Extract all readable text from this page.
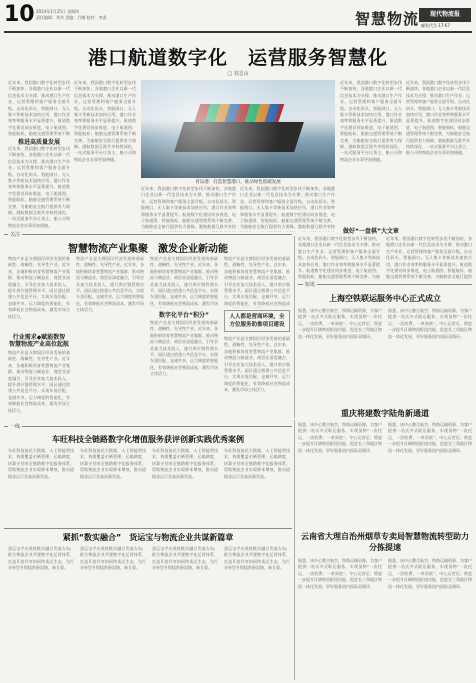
10 2024年1月25日 星期四
责任编辑：刘舟 美编：吕娜 校对：李睿	智慧物流	现代物流报
邮发代号 17-67
港口航道数字化　运营服务智慧化
□ 刘志山
近年来，我国港口数字化转型步伐不断加快，各地港口企业以新一代信息技术为支撑，推动港口生产作业、运营管理和客户服务全面升级。自动化码头、智能闸口、无人集卡等新技术加快应用，港口作业效率和服务水平显著提升。航道数字化建设同步推进，电子航道图、智能航标、船舶交通管理系统不断
推进高质量发展
近年来，我国港口数字化转型步伐不断加快，各地港口企业以新一代信息技术为支撑，推动港口生产作业、运营管理和客户服务全面升级。自动化码头、智能闸口、无人集卡等新技术加快应用，港口作业效率和服务水平显著提升。航道数字化建设同步推进，电子航道图、智能航标、船舶交通管理系统不断完善，为船舶安全航行提供有力保障。港航数据互联共享持续深化，一站式服务平台让货主、船公司和物流企业办事更加便捷。
近年来，我国港口数字化转型步伐不断加快，各地港口企业以新一代信息技术为支撑，推动港口生产作业、运营管理和客户服务全面升级。自动化码头、智能闸口、无人集卡等新技术加快应用，港口作业效率和服务水平显著提升。航道数字化建设同步推进，电子航道图、智能航标、船舶交通管理系统不断完善，为船舶安全航行提供有力保障。港航数据互联共享持续深化，一站式服务平台让货主、船公司和物流企业办事更加便捷。
青岛港：打造智慧港口，推动绿色低碳发展
近年来，我国港口数字化转型步伐不断加快，各地港口企业以新一代信息技术为支撑，推动港口生产作业、运营管理和客户服务全面升级。自动化码头、智能闸口、无人集卡等新技术加快应用，港口作业效率和服务水平显著提升。航道数字化建设同步推进，电子航道图、智能航标、船舶交通管理系统不断完善，为船舶安全航行提供有力保障。港航数据互联共享持
近年来，我国港口数字化转型步伐不断加快，各地港口企业以新一代信息技术为支撑，推动港口生产作业、运营管理和客户服务全面升级。自动化码头、智能闸口、无人集卡等新技术加快应用，港口作业效率和服务水平显著提升。航道数字化建设同步推进，电子航道图、智能航标、船舶交通管理系统不断完善，为船舶安全航行提供有力保障。港航数据互联共享持
近年来，我国港口数字化转型步伐不断加快，各地港口企业以新一代信息技术为支撑，推动港口生产作业、运营管理和客户服务全面升级。自动化码头、智能闸口、无人集卡等新技术加快应用，港口作业效率和服务水平显著提升。航道数字化建设同步推进，电子航道图、智能航标、船舶交通管理系统不断完善，为船舶安全航行提供有力保障。港航数据互联共享持续深化，一站式服务平台让货主、船公司和物流企业办事更加便捷。
做好“一盘棋”大文章
近年来，我国港口数字化转型步伐不断加快，各地港口企业以新一代信息技术为支撑，推动港口生产作业、运营管理和客户服务全面升级。自动化码头、智能闸口、无人集卡等新技术加快应用，港口作业效率和服务水平显著提升。航道数字化建设同步推进，电子航道图、智能航标、船舶交通管理系统不断完善，为船舶安全航行提供有力保障。港航数据互联共享持续深化，一站式服务平台让货主、船公司和物流企业办事更加便捷。
关注
智慧物流产业集聚　激发企业新动能
物流产业是支撑国民经济发展的基础性、战略性、先导性产业。近年来，各地积极培育智慧物流产业集群，推动物流与制造业、商贸业深度融合，引导企业加大技术投入，提升供应链管理水平。园区通过搭建公共信息平台，实现车货匹配、仓储共享、运力调度的智能化，有效降低社会物流成本，激发市场主体活力。
行业需求◆赋能数智
智慧物流产业高位起航
物流产业是支撑国民经济发展的基础性、战略性、先导性产业。近年来，各地积极培育智慧物流产业集群，推动物流与制造业、商贸业深度融合，引导企业加大技术投入，提升供应链管理水平。园区通过搭建公共信息平台，实现车货匹配、仓储共享、运力调度的智能化，有效降低社会物流成本，激发市场主体活力。
物流产业是支撑国民经济发展的基础性、战略性、先导性产业。近年来，各地积极培育智慧物流产业集群，推动物流与制造业、商贸业深度融合，引导企业加大技术投入，提升供应链管理水平。园区通过搭建公共信息平台，实现车货匹配、仓储共享、运力调度的智能化，有效降低社会物流成本，激发市场主体活力。
物流产业是支撑国民经济发展的基础性、战略性、先导性产业。近年来，各地积极培育智慧物流产业集群，推动物流与制造业、商贸业深度融合，引导企业加大技术投入，提升供应链管理水平。园区通过搭建公共信息平台，实现车货匹配、仓储共享、运力调度的智能化，有效降低社会物流成本，激发市场
数字化平台“积分”
物流产业是支撑国民经济发展的基础性、战略性、先导性产业。近年来，各地积极培育智慧物流产业集群，推动物流与制造业、商贸业深度融合，引导企业加大技术投入，提升供应链管理水平。园区通过搭建公共信息平台，实现车货匹配、仓储共享、运力调度的智能化，有效降低社会物流成本，激发市场主体活力。
物流产业是支撑国民经济发展的基础性、战略性、先导性产业。近年来，各地积极培育智慧物流产业集群，推动物流与制造业、商贸业深度融合，引导企业加大技术投入，提升供应链管理水平。园区通过搭建公共信息平台，实现车货匹配、仓储共享、运力调度的智能化，有效降低社会物流成
人人都是营商环境，全方位服务助推项目建设
物流产业是支撑国民经济发展的基础性、战略性、先导性产业。近年来，各地积极培育智慧物流产业集群，推动物流与制造业、商贸业深度融合，引导企业加大技术投入，提升供应链管理水平。园区通过搭建公共信息平台，实现车货匹配、仓储共享、运力调度的智能化，有效降低社会物流成本，激发市场主体活力。
短讯
近年来，我国港口数字化转型步伐不断加快，各地港口企业以新一代信息技术为支撑，推动港口生产作业、运营管理和客户服务全面升级。自动化码头、智能闸口、无人集卡等新技术加快应用，港口作业效率和服务水平显著提升。航道数字化建设同步推进，电子航道图、智能航标、船舶交通管理系统不断完善，为船
近年来，我国港口数字化转型步伐不断加快，各地港口企业以新一代信息技术为支撑，推动港口生产作业、运营管理和客户服务全面升级。自动化码头、智能闸口、无人集卡等新技术加快应用，港口作业效率和服务水平显著提升。航道数字化建设同步推进，电子航道图、智能航标、船舶交通管理系统不断完善，为船舶安全航行提供
上海空铁联运服务中心正式成立
据悉，该中心整合航空、铁路运输资源，为客户提供一站式多式联运服务，实现货物“一次托运、一次收费、一单到底”。中心运营后，将进一步提升区域物流枢纽功能，促进长三角地区物流一体化发展，更好服务国内国际双循环。
据悉，该中心整合航空、铁路运输资源，为客户提供一站式多式联运服务，实现货物“一次托运、一次收费、一单到底”。中心运营后，将进一步提升区域物流枢纽功能，促进长三角地区物流一体化发展，更好服务国内国际双循环。
重庆将建数字陆角新通道
据悉，该中心整合航空、铁路运输资源，为客户提供一站式多式联运服务，实现货物“一次托运、一次收费、一单到底”。中心运营后，将进一步提升区域物流枢纽功能，促进长三角地区物流一体化发展，更好服务国内国际双循环。
据悉，该中心整合航空、铁路运输资源，为客户提供一站式多式联运服务，实现货物“一次托运、一次收费、一单到底”。中心运营后，将进一步提升区域物流枢纽功能，促进长三角地区物流一体化发展，更好服务国内国际双循环。
云南省大理自治州烟草专卖局智慧物流转型助力分拣提速
据悉，该中心整合航空、铁路运输资源，为客户提供一站式多式联运服务，实现货物“一次托运、一次收费、一单到底”。中心运营后，将进一步提升区域物流枢纽功能，促进长三角地区物流一体化发展，更好服务国内国际双循环。
据悉，该中心整合航空、铁路运输资源，为客户提供一站式多式联运服务，实现货物“一次托运、一次收费、一单到底”。中心运营后，将进一步提升区域物流枢纽功能，促进长三角地区物流一体化发展，更好服务国内国际双循环。
一线
车旺科技全链路数字化增值服务获评创新实践优秀案例
车旺科技依托大数据、人工智能等技术，构建覆盖车辆管理、运输调度、结算支付的全链路数字化服务体系，帮助物流企业实现降本增效，推动道路货运行业高质量发展。
车旺科技依托大数据、人工智能等技术，构建覆盖车辆管理、运输调度、结算支付的全链路数字化服务体系，帮助物流企业实现降本增效，推动道路货运行业高质量发展。
车旺科技依托大数据、人工智能等技术，构建覆盖车辆管理、运输调度、结算支付的全链路数字化服务体系，帮助物流企业实现降本增效，推动道路货运行业高质量发展。
车旺科技依托大数据、人工智能等技术，构建覆盖车辆管理、运输调度、结算支付的全链路数字化服务体系，帮助物流企业实现降本增效，推动道路货运行业高质量发展。
紧抓“数实融合”　货运宝与物流企业共谋新篇章
货运宝平台坚持数实融合发展方向，联合物流企业共建数字化运营体系，打造开放共享的网络货运生态，为行业转型升级提供新思路、新方案。
货运宝平台坚持数实融合发展方向，联合物流企业共建数字化运营体系，打造开放共享的网络货运生态，为行业转型升级提供新思路、新方案。
货运宝平台坚持数实融合发展方向，联合物流企业共建数字化运营体系，打造开放共享的网络货运生态，为行业转型升级提供新思路、新方案。
货运宝平台坚持数实融合发展方向，联合物流企业共建数字化运营体系，打造开放共享的网络货运生态，为行业转型升级提供新思路、新方案。
